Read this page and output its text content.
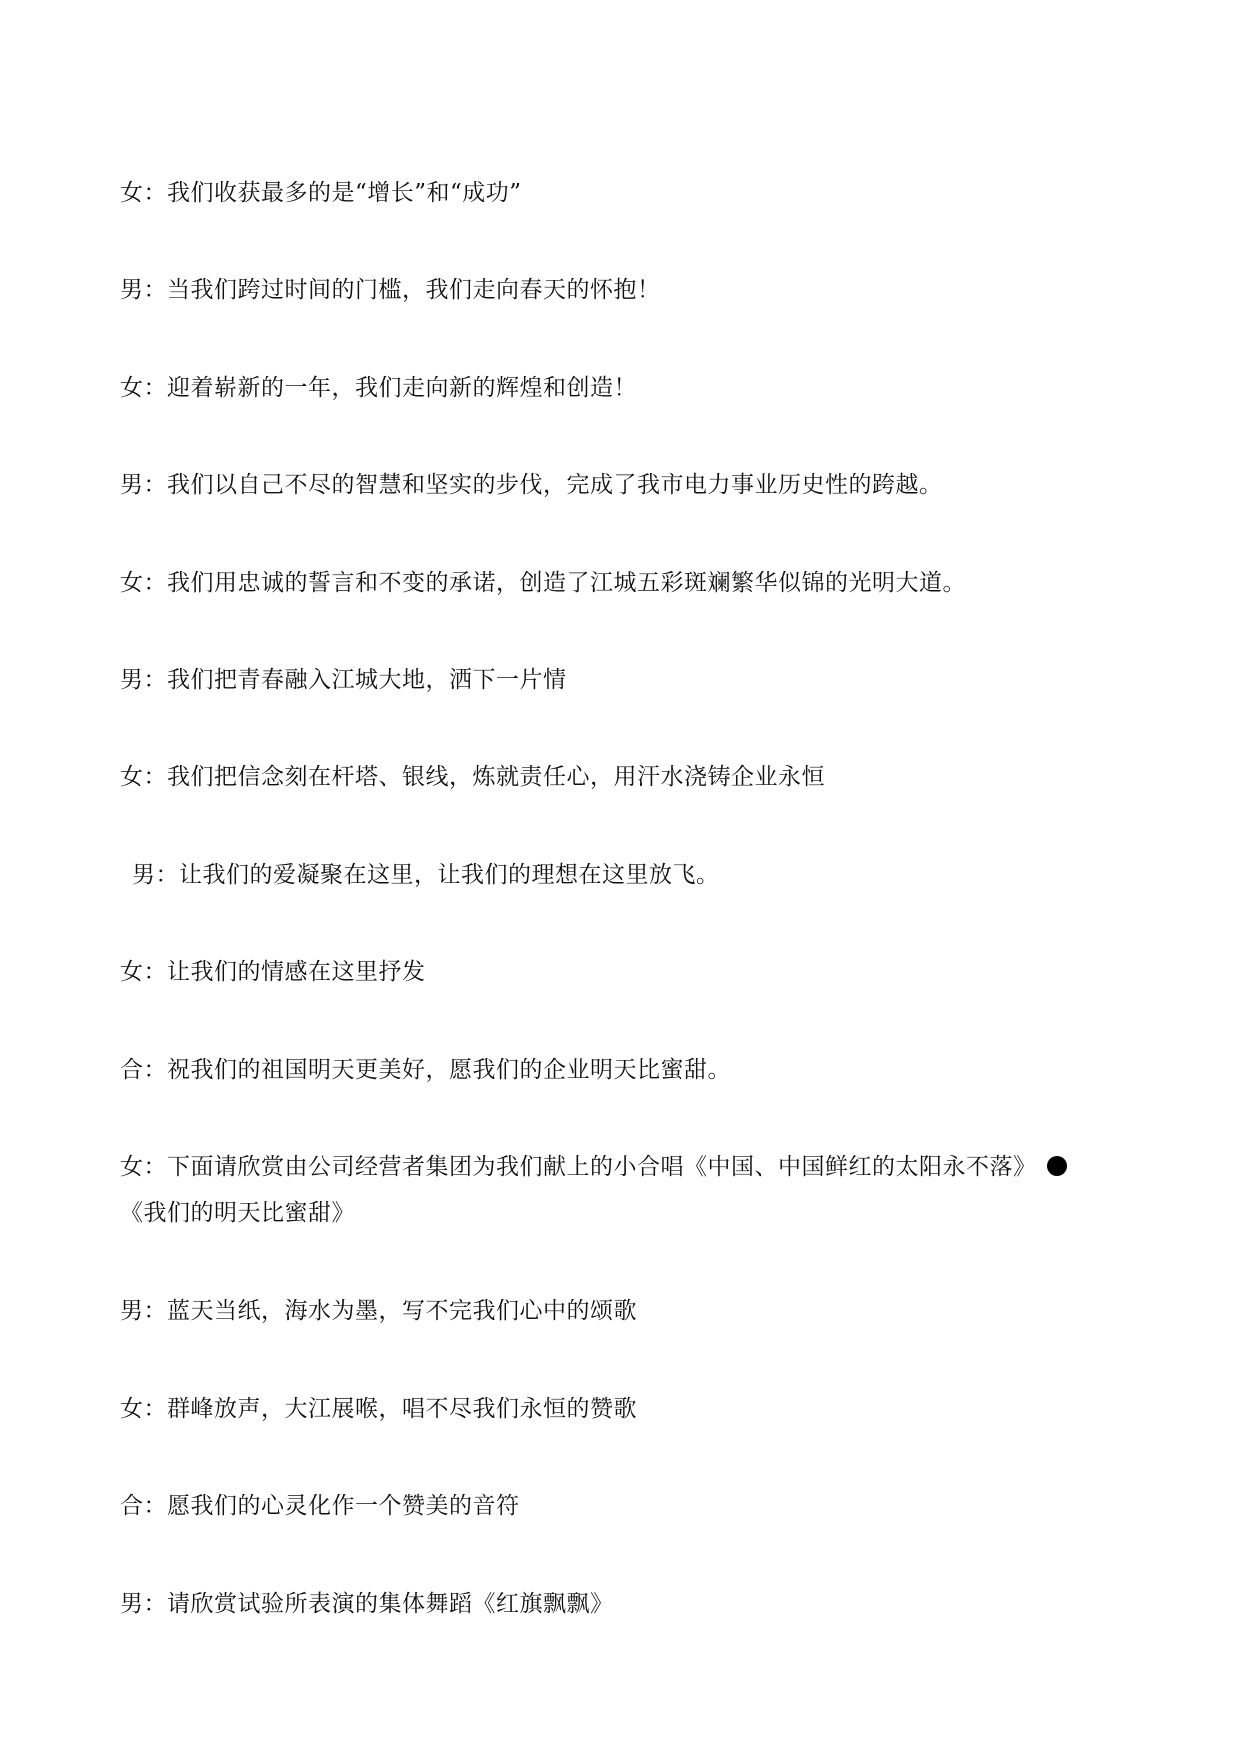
女：我们收获最多的是“增长”和“成功”
男：当我们跨过时间的门槛，我们走向春天的怀抱！
女：迎着崭新的一年，我们走向新的辉煌和创造！
男：我们以自己不尽的智慧和坚实的步伐，完成了我市电力事业历史性的跨越。
女：我们用忠诚的誓言和不变的承诺，创造了江城五彩斑斓繁华似锦的光明大道。
男：我们把青春融入江城大地，洒下一片情
女：我们把信念刻在杆塔、银线，炼就责任心，用汗水浇铸企业永恒
男：让我们的爱凝聚在这里，让我们的理想在这里放飞。
女：让我们的情感在这里抒发
合：祝我们的祖国明天更美好，愿我们的企业明天比蜜甜。
女：下面请欣赏由公司经营者集团为我们献上的小合唱《中国、中国鲜红的太阳永不落》
《我们的明天比蜜甜》
男：蓝天当纸，海水为墨，写不完我们心中的颂歌
女：群峰放声，大江展喉，唱不尽我们永恒的赞歌
合：愿我们的心灵化作一个赞美的音符
男：请欣赏试验所表演的集体舞蹈《红旗飘飘》
